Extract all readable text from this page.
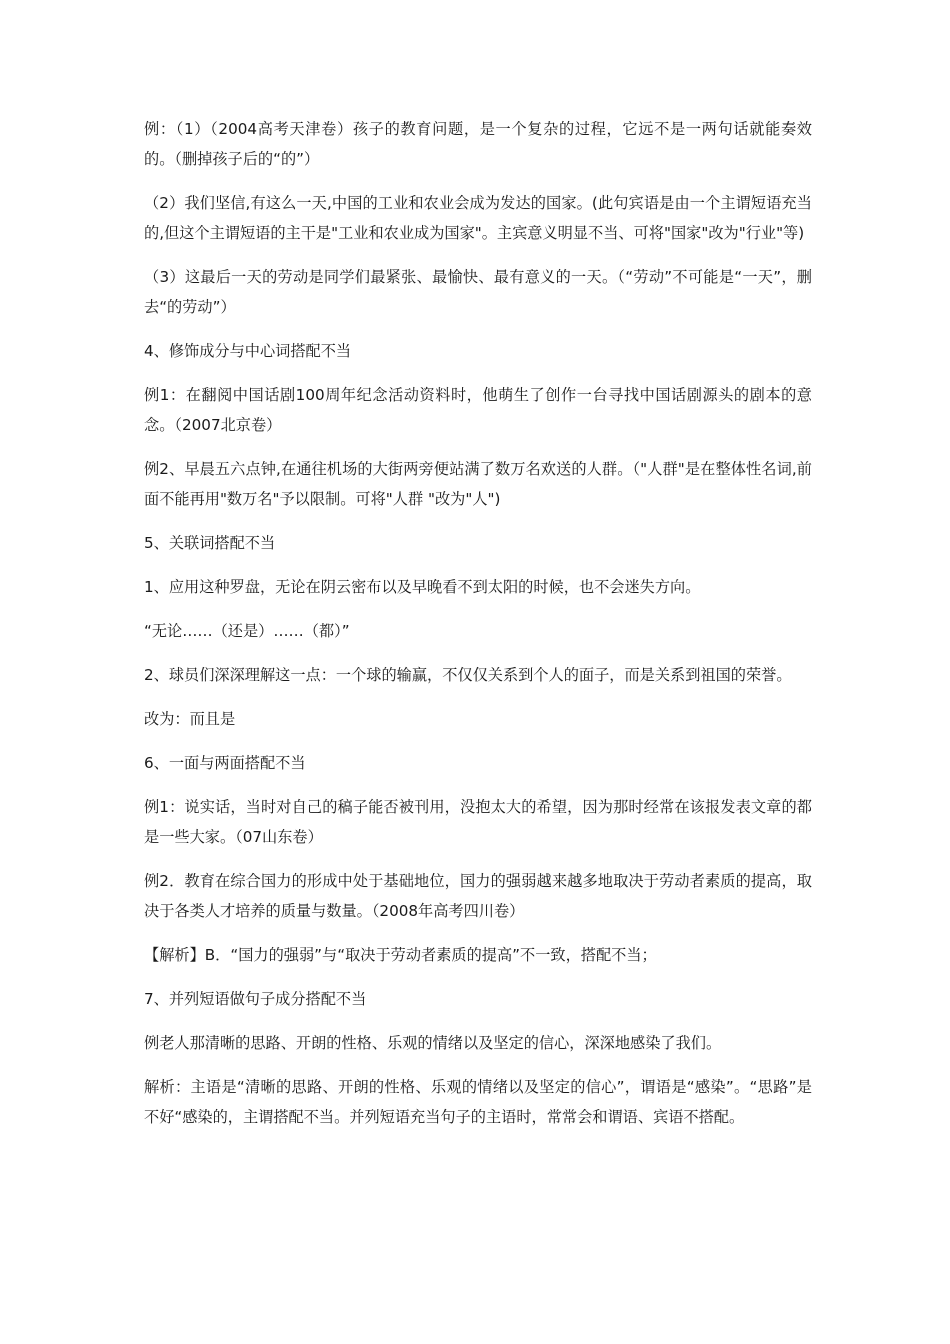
例：（1）（2004高考天津卷）孩子的教育问题，是一个复杂的过程，它远不是一两句话就能奏效的。（删掉孩子后的“的”）

（2）我们坚信,有这么一天,中国的工业和农业会成为发达的国家。(此句宾语是由一个主谓短语充当的,但这个主谓短语的主干是"工业和农业成为国家"。主宾意义明显不当、可将"国家"改为"行业"等)

（3）这最后一天的劳动是同学们最紧张、最愉快、最有意义的一天。（“劳动”不可能是“一天”，删去“的劳动”）

4、修饰成分与中心词搭配不当

例1：在翻阅中国话剧100周年纪念活动资料时，他萌生了创作一台寻找中国话剧源头的剧本的意念。（2007北京卷）

例2、早晨五六点钟,在通往机场的大街两旁便站满了数万名欢送的人群。（"人群"是在整体性名词,前面不能再用"数万名"予以限制。可将"人群 "改为"人")

5、关联词搭配不当

1、应用这种罗盘，无论在阴云密布以及早晚看不到太阳的时候，也不会迷失方向。

“无论……（还是）……（都）”

2、球员们深深理解这一点：一个球的输赢，不仅仅关系到个人的面子，而是关系到祖国的荣誉。

改为：而且是

6、一面与两面搭配不当

例1：说实话，当时对自己的稿子能否被刊用，没抱太大的希望，因为那时经常在该报发表文章的都是一些大家。（07山东卷）

例2．教育在综合国力的形成中处于基础地位，国力的强弱越来越多地取决于劳动者素质的提高，取决于各类人才培养的质量与数量。（2008年高考四川卷）

【解析】B．“国力的强弱”与“取决于劳动者素质的提高”不一致，搭配不当；

7、并列短语做句子成分搭配不当

例老人那清晰的思路、开朗的性格、乐观的情绪以及坚定的信心，深深地感染了我们。

解析：主语是“清晰的思路、开朗的性格、乐观的情绪以及坚定的信心”，谓语是“感染”。“思路”是不好“感染的，主谓搭配不当。并列短语充当句子的主语时，常常会和谓语、宾语不搭配。
